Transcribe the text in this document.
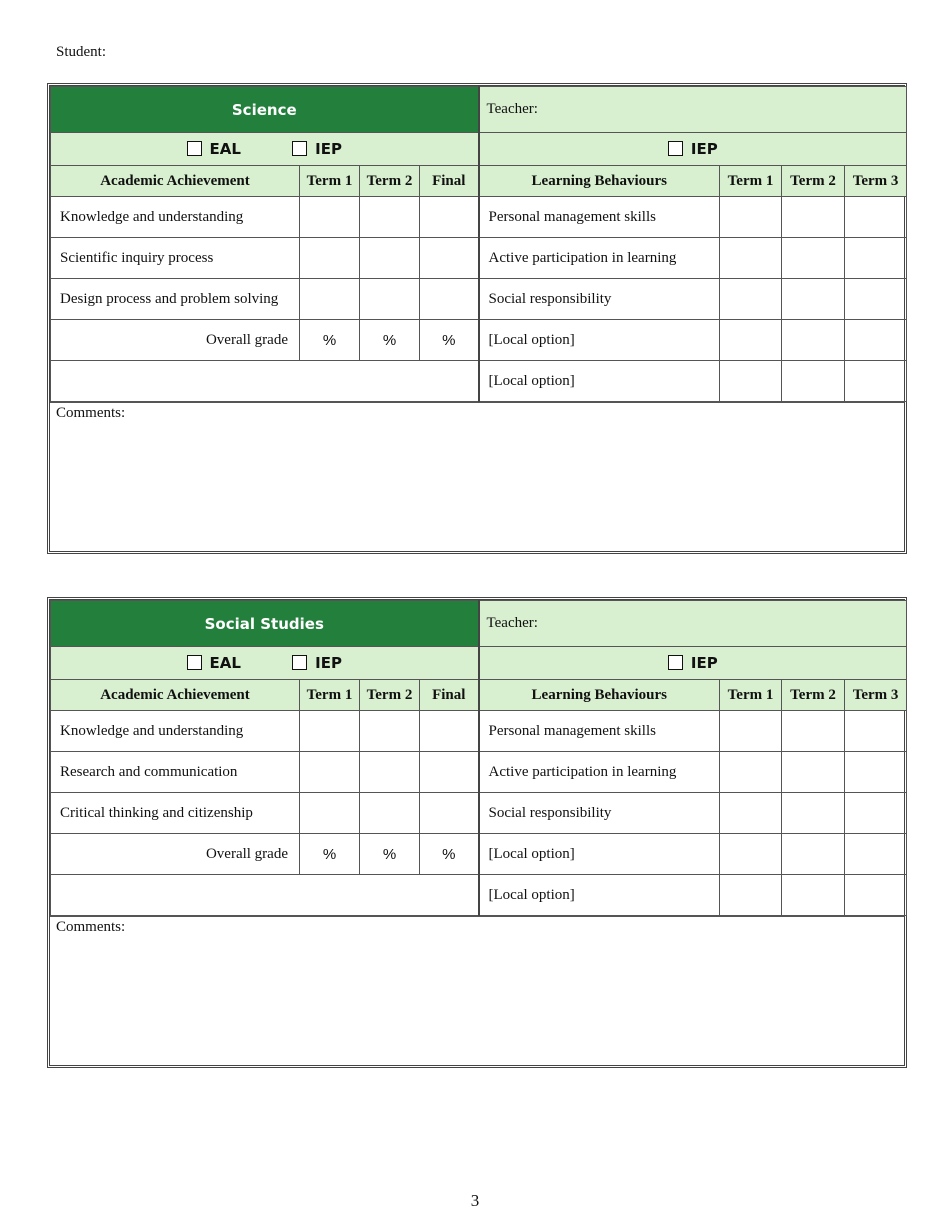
Student:
Science				Teacher:			
EAL IEP				IEP			
Academic Achievement	Term 1	Term 2	Final	Learning Behaviours	Term 1	Term 2	Term 3
Knowledge and understanding				Personal management skills			
Scientific inquiry process				Active participation in learning			
Design process and problem solving				Social responsibility			
Overall grade	%	%	%	[Local option]			
				[Local option]			
Comments:
Social Studies				Teacher:			
EAL IEP				IEP			
Academic Achievement	Term 1	Term 2	Final	Learning Behaviours	Term 1	Term 2	Term 3
Knowledge and understanding				Personal management skills			
Research and communication				Active participation in learning			
Critical thinking and citizenship				Social responsibility			
Overall grade	%	%	%	[Local option]			
				[Local option]			
Comments:
3
